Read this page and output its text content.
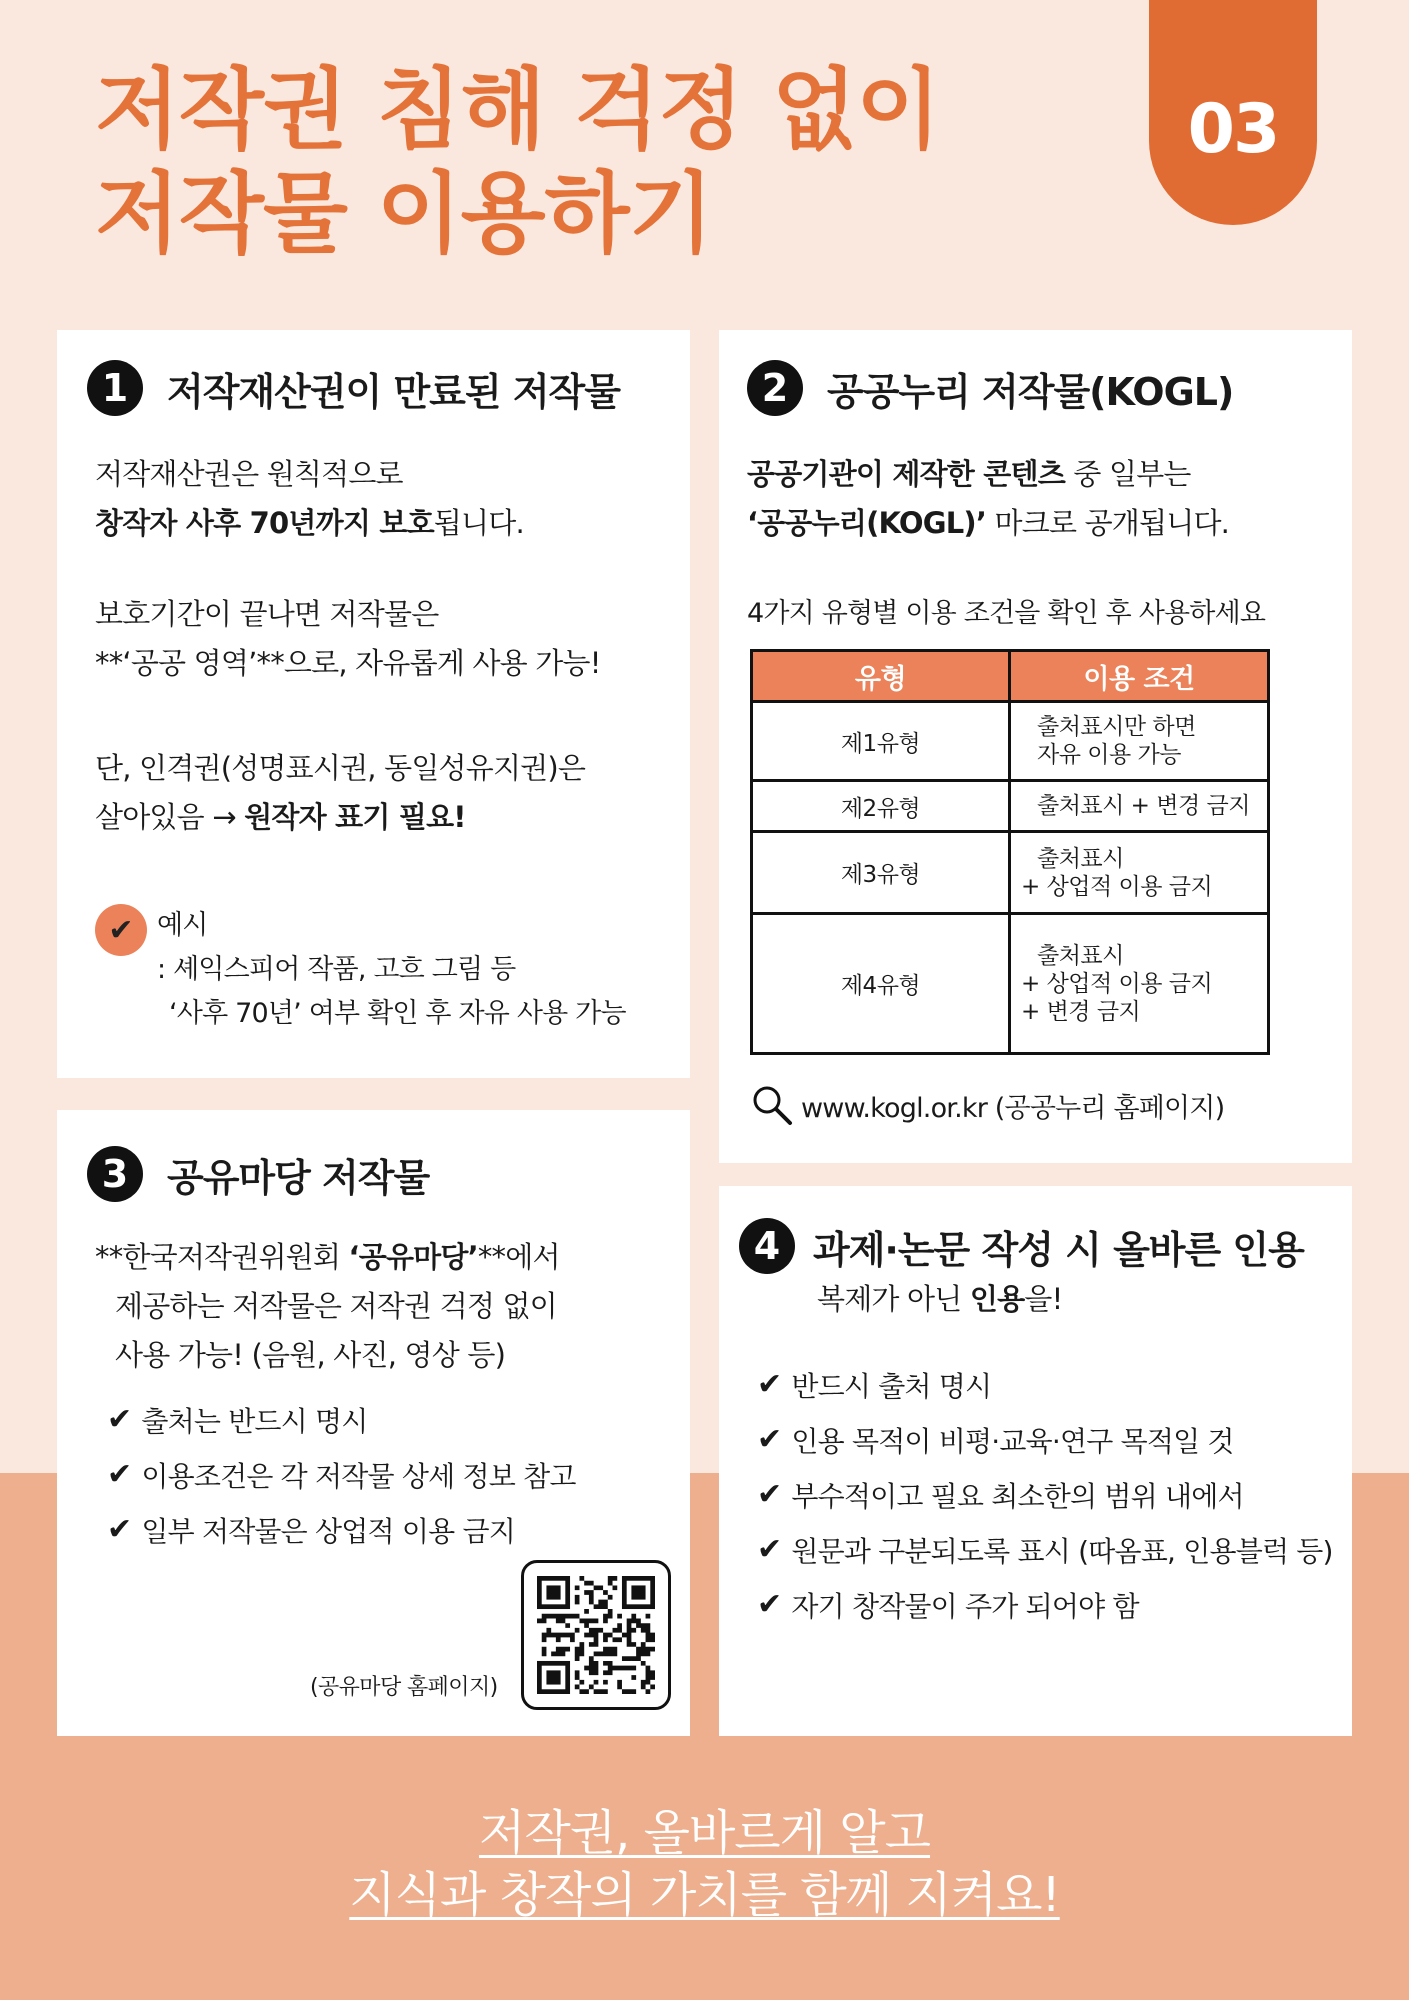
저작권 침해 걱정 없이
저작물 이용하기
03
1	저작재산권이 만료된 저작물
저작재산권은 원칙적으로
창작자 사후 70년까지 보호됩니다.
보호기간이 끝나면 저작물은
**‘공공 영역’**으로, 자유롭게 사용 가능!
단, 인격권(성명표시권, 동일성유지권)은
살아있음 → 원작자 표기 필요!
✔ 예시
: 셰익스피어 작품, 고흐 그림 등
‘사후 70년’ 여부 확인 후 자유 사용 가능
2	공공누리 저작물(KOGL)
공공기관이 제작한 콘텐츠 중 일부는
‘공공누리(KOGL)’ 마크로 공개됩니다.
4가지 유형별 이용 조건을 확인 후 사용하세요
유형	이용 조건
제1유형	출처표시만 하면
자유 이용 가능

제2유형	출처표시 + 변경 금지

제3유형	출처표시
+ 상업적 이용 금지

제4유형	출처표시
+ 상업적 이용 금지
+ 변경 금지
www.kogl.or.kr (공공누리 홈페이지)
3	공유마당 저작물
**한국저작권위원회 ‘공유마당’**에서
제공하는 저작물은 저작권 걱정 없이
사용 가능! (음원, 사진, 영상 등)
✔ 출처는 반드시 명시
✔ 이용조건은 각 저작물 상세 정보 참고
✔ 일부 저작물은 상업적 이용 금지
(공유마당 홈페이지)
4 과제·논문 작성 시 올바른 인용
복제가 아닌 인용을!
✔ 반드시 출처 명시
✔ 인용 목적이 비평·교육·연구 목적일 것
✔ 부수적이고 필요 최소한의 범위 내에서
✔ 원문과 구분되도록 표시 (따옴표, 인용블럭 등)
✔ 자기 창작물이 주가 되어야 함
저작권, 올바르게 알고
지식과 창작의 가치를 함께 지켜요!
